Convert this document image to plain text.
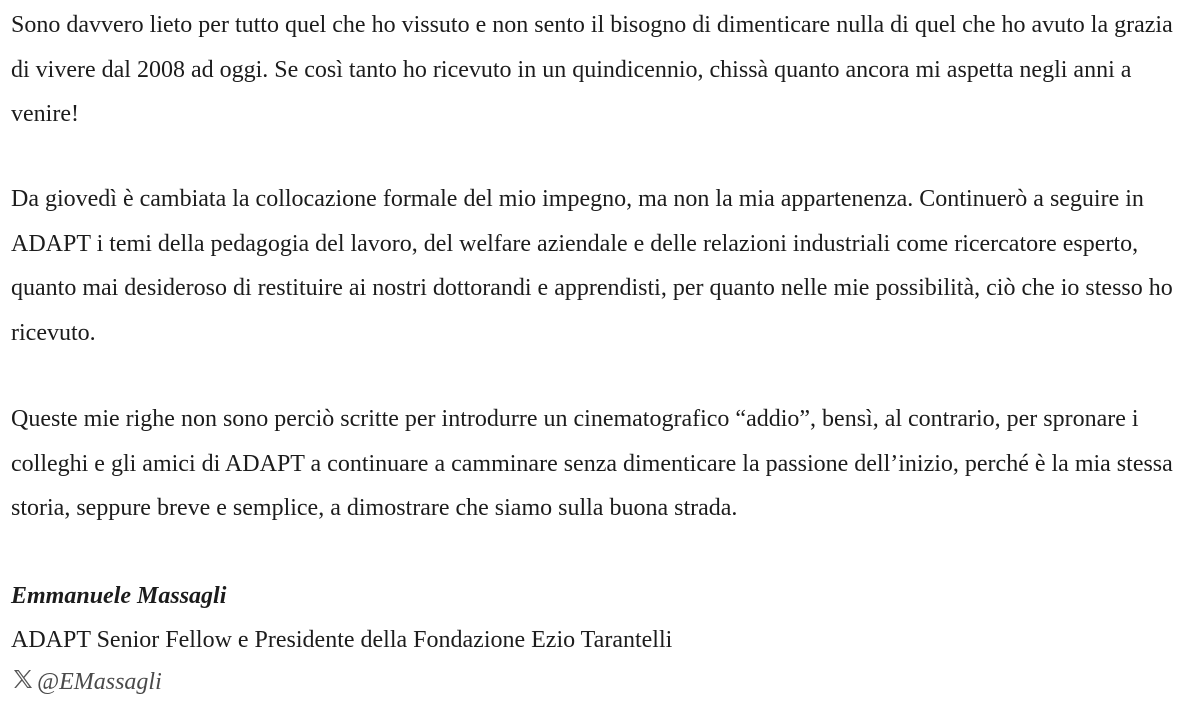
Sono davvero lieto per tutto quel che ho vissuto e non sento il bisogno di dimenticare nulla di quel che ho avuto la grazia di vivere dal 2008 ad oggi. Se così tanto ho ricevuto in un quindicennio, chissà quanto ancora mi aspetta negli anni a venire!

Da giovedì è cambiata la collocazione formale del mio impegno, ma non la mia appartenenza. Continuerò a seguire in ADAPT i temi della pedagogia del lavoro, del welfare aziendale e delle relazioni industriali come ricercatore esperto, quanto mai desideroso di restituire ai nostri dottorandi e apprendisti, per quanto nelle mie possibilità, ciò che io stesso ho ricevuto.

Queste mie righe non sono perciò scritte per introdurre un cinematografico “addio”, bensì, al contrario, per spronare i colleghi e gli amici di ADAPT a continuare a camminare senza dimenticare la passione dell’inizio, perché è la mia stessa storia, seppure breve e semplice, a dimostrare che siamo sulla buona strada.

Emmanuele Massagli

ADAPT Senior Fellow e Presidente della Fondazione Ezio Tarantelli

@EMassagli
